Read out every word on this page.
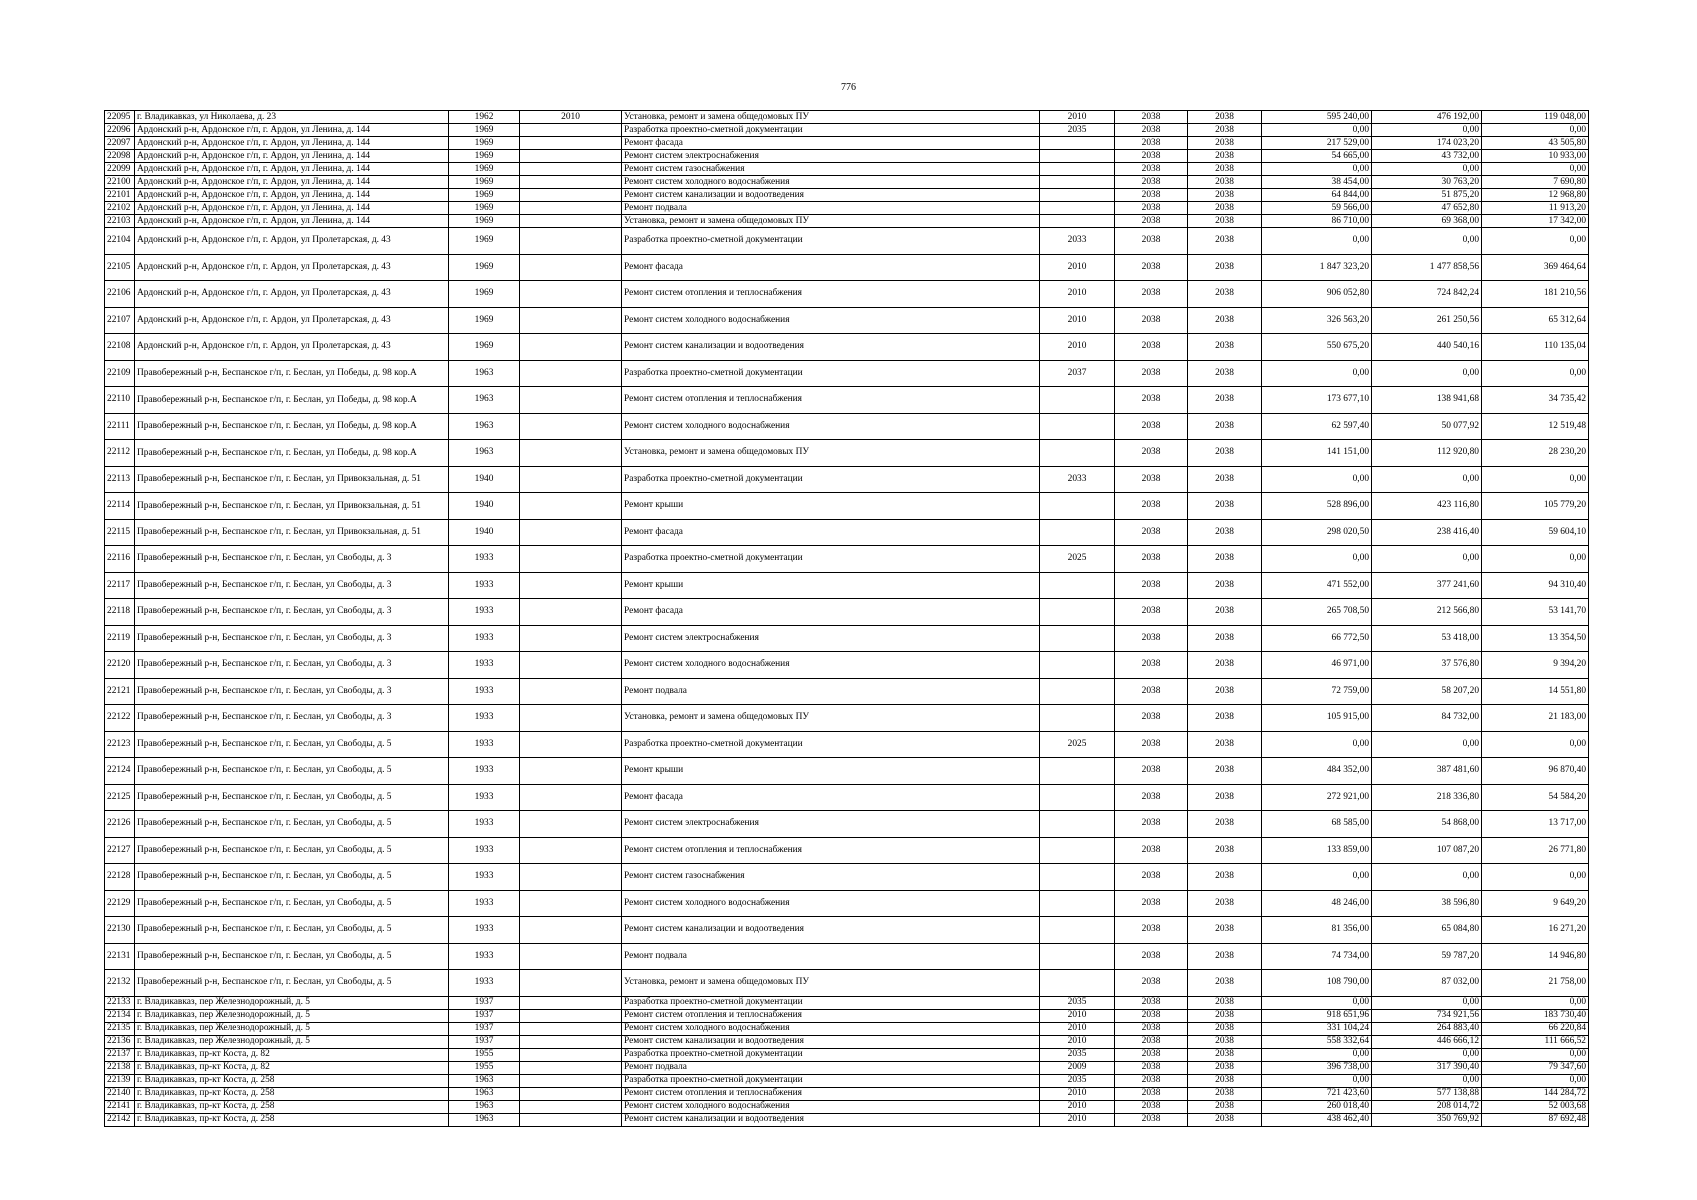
776
22095	г. Владикавказ, ул Николаева, д. 23	1962	2010	Установка, ремонт и замена общедомовых ПУ	2010	2038	2038	595 240,00	476 192,00	119 048,00
22096	Ардонский р-н, Ардонское г/п, г. Ардон, ул Ленина, д. 144	1969		Разработка проектно-сметной документации	2035	2038	2038	0,00	0,00	0,00
22097	Ардонский р-н, Ардонское г/п, г. Ардон, ул Ленина, д. 144	1969		Ремонт фасада		2038	2038	217 529,00	174 023,20	43 505,80
22098	Ардонский р-н, Ардонское г/п, г. Ардон, ул Ленина, д. 144	1969		Ремонт систем электроснабжения		2038	2038	54 665,00	43 732,00	10 933,00
22099	Ардонский р-н, Ардонское г/п, г. Ардон, ул Ленина, д. 144	1969		Ремонт систем газоснабжения		2038	2038	0,00	0,00	0,00
22100	Ардонский р-н, Ардонское г/п, г. Ардон, ул Ленина, д. 144	1969		Ремонт систем холодного водоснабжения		2038	2038	38 454,00	30 763,20	7 690,80
22101	Ардонский р-н, Ардонское г/п, г. Ардон, ул Ленина, д. 144	1969		Ремонт систем канализации и водоотведения		2038	2038	64 844,00	51 875,20	12 968,80
22102	Ардонский р-н, Ардонское г/п, г. Ардон, ул Ленина, д. 144	1969		Ремонт подвала		2038	2038	59 566,00	47 652,80	11 913,20
22103	Ардонский р-н, Ардонское г/п, г. Ардон, ул Ленина, д. 144	1969		Установка, ремонт и замена общедомовых ПУ		2038	2038	86 710,00	69 368,00	17 342,00
22104	Ардонский р-н, Ардонское г/п, г. Ардон, ул Пролетарская, д. 43	1969		Разработка проектно-сметной документации	2033	2038	2038	0,00	0,00	0,00
22105	Ардонский р-н, Ардонское г/п, г. Ардон, ул Пролетарская, д. 43	1969		Ремонт фасада	2010	2038	2038	1 847 323,20	1 477 858,56	369 464,64
22106	Ардонский р-н, Ардонское г/п, г. Ардон, ул Пролетарская, д. 43	1969		Ремонт систем отопления и теплоснабжения	2010	2038	2038	906 052,80	724 842,24	181 210,56
22107	Ардонский р-н, Ардонское г/п, г. Ардон, ул Пролетарская, д. 43	1969		Ремонт систем холодного водоснабжения	2010	2038	2038	326 563,20	261 250,56	65 312,64
22108	Ардонский р-н, Ардонское г/п, г. Ардон, ул Пролетарская, д. 43	1969		Ремонт систем канализации и водоотведения	2010	2038	2038	550 675,20	440 540,16	110 135,04
22109	Правобережный р-н, Беспанское г/п, г. Беслан, ул Победы, д. 98 кор.А	1963		Разработка проектно-сметной документации	2037	2038	2038	0,00	0,00	0,00
22110	Правобережный р-н, Беспанское г/п, г. Беслан, ул Победы, д. 98 кор.А	1963		Ремонт систем отопления и теплоснабжения		2038	2038	173 677,10	138 941,68	34 735,42
22111	Правобережный р-н, Беспанское г/п, г. Беслан, ул Победы, д. 98 кор.А	1963		Ремонт систем холодного водоснабжения		2038	2038	62 597,40	50 077,92	12 519,48
22112	Правобережный р-н, Беспанское г/п, г. Беслан, ул Победы, д. 98 кор.А	1963		Установка, ремонт и замена общедомовых ПУ		2038	2038	141 151,00	112 920,80	28 230,20
22113	Правобережный р-н, Беспанское г/п, г. Беслан, ул Привокзальная, д. 51	1940		Разработка проектно-сметной документации	2033	2038	2038	0,00	0,00	0,00
22114	Правобережный р-н, Беспанское г/п, г. Беслан, ул Привокзальная, д. 51	1940		Ремонт крыши		2038	2038	528 896,00	423 116,80	105 779,20
22115	Правобережный р-н, Беспанское г/п, г. Беслан, ул Привокзальная, д. 51	1940		Ремонт фасада		2038	2038	298 020,50	238 416,40	59 604,10
22116	Правобережный р-н, Беспанское г/п, г. Беслан, ул Свободы, д. 3	1933		Разработка проектно-сметной документации	2025	2038	2038	0,00	0,00	0,00
22117	Правобережный р-н, Беспанское г/п, г. Беслан, ул Свободы, д. 3	1933		Ремонт крыши		2038	2038	471 552,00	377 241,60	94 310,40
22118	Правобережный р-н, Беспанское г/п, г. Беслан, ул Свободы, д. 3	1933		Ремонт фасада		2038	2038	265 708,50	212 566,80	53 141,70
22119	Правобережный р-н, Беспанское г/п, г. Беслан, ул Свободы, д. 3	1933		Ремонт систем электроснабжения		2038	2038	66 772,50	53 418,00	13 354,50
22120	Правобережный р-н, Беспанское г/п, г. Беслан, ул Свободы, д. 3	1933		Ремонт систем холодного водоснабжения		2038	2038	46 971,00	37 576,80	9 394,20
22121	Правобережный р-н, Беспанское г/п, г. Беслан, ул Свободы, д. 3	1933		Ремонт подвала		2038	2038	72 759,00	58 207,20	14 551,80
22122	Правобережный р-н, Беспанское г/п, г. Беслан, ул Свободы, д. 3	1933		Установка, ремонт и замена общедомовых ПУ		2038	2038	105 915,00	84 732,00	21 183,00
22123	Правобережный р-н, Беспанское г/п, г. Беслан, ул Свободы, д. 5	1933		Разработка проектно-сметной документации	2025	2038	2038	0,00	0,00	0,00
22124	Правобережный р-н, Беспанское г/п, г. Беслан, ул Свободы, д. 5	1933		Ремонт крыши		2038	2038	484 352,00	387 481,60	96 870,40
22125	Правобережный р-н, Беспанское г/п, г. Беслан, ул Свободы, д. 5	1933		Ремонт фасада		2038	2038	272 921,00	218 336,80	54 584,20
22126	Правобережный р-н, Беспанское г/п, г. Беслан, ул Свободы, д. 5	1933		Ремонт систем электроснабжения		2038	2038	68 585,00	54 868,00	13 717,00
22127	Правобережный р-н, Беспанское г/п, г. Беслан, ул Свободы, д. 5	1933		Ремонт систем отопления и теплоснабжения		2038	2038	133 859,00	107 087,20	26 771,80
22128	Правобережный р-н, Беспанское г/п, г. Беслан, ул Свободы, д. 5	1933		Ремонт систем газоснабжения		2038	2038	0,00	0,00	0,00
22129	Правобережный р-н, Беспанское г/п, г. Беслан, ул Свободы, д. 5	1933		Ремонт систем холодного водоснабжения		2038	2038	48 246,00	38 596,80	9 649,20
22130	Правобережный р-н, Беспанское г/п, г. Беслан, ул Свободы, д. 5	1933		Ремонт систем канализации и водоотведения		2038	2038	81 356,00	65 084,80	16 271,20
22131	Правобережный р-н, Беспанское г/п, г. Беслан, ул Свободы, д. 5	1933		Ремонт подвала		2038	2038	74 734,00	59 787,20	14 946,80
22132	Правобережный р-н, Беспанское г/п, г. Беслан, ул Свободы, д. 5	1933		Установка, ремонт и замена общедомовых ПУ		2038	2038	108 790,00	87 032,00	21 758,00
22133	г. Владикавказ, пер Железнодорожный, д. 5	1937		Разработка проектно-сметной документации	2035	2038	2038	0,00	0,00	0,00
22134	г. Владикавказ, пер Железнодорожный, д. 5	1937		Ремонт систем отопления и теплоснабжения	2010	2038	2038	918 651,96	734 921,56	183 730,40
22135	г. Владикавказ, пер Железнодорожный, д. 5	1937		Ремонт систем холодного водоснабжения	2010	2038	2038	331 104,24	264 883,40	66 220,84
22136	г. Владикавказ, пер Железнодорожный, д. 5	1937		Ремонт систем канализации и водоотведения	2010	2038	2038	558 332,64	446 666,12	111 666,52
22137	г. Владикавказ, пр-кт Коста, д. 82	1955		Разработка проектно-сметной документации	2035	2038	2038	0,00	0,00	0,00
22138	г. Владикавказ, пр-кт Коста, д. 82	1955		Ремонт подвала	2009	2038	2038	396 738,00	317 390,40	79 347,60
22139	г. Владикавказ, пр-кт Коста, д. 258	1963		Разработка проектно-сметной документации	2035	2038	2038	0,00	0,00	0,00
22140	г. Владикавказ, пр-кт Коста, д. 258	1963		Ремонт систем отопления и теплоснабжения	2010	2038	2038	721 423,60	577 138,88	144 284,72
22141	г. Владикавказ, пр-кт Коста, д. 258	1963		Ремонт систем холодного водоснабжения	2010	2038	2038	260 018,40	208 014,72	52 003,68
22142	г. Владикавказ, пр-кт Коста, д. 258	1963		Ремонт систем канализации и водоотведения	2010	2038	2038	438 462,40	350 769,92	87 692,48
